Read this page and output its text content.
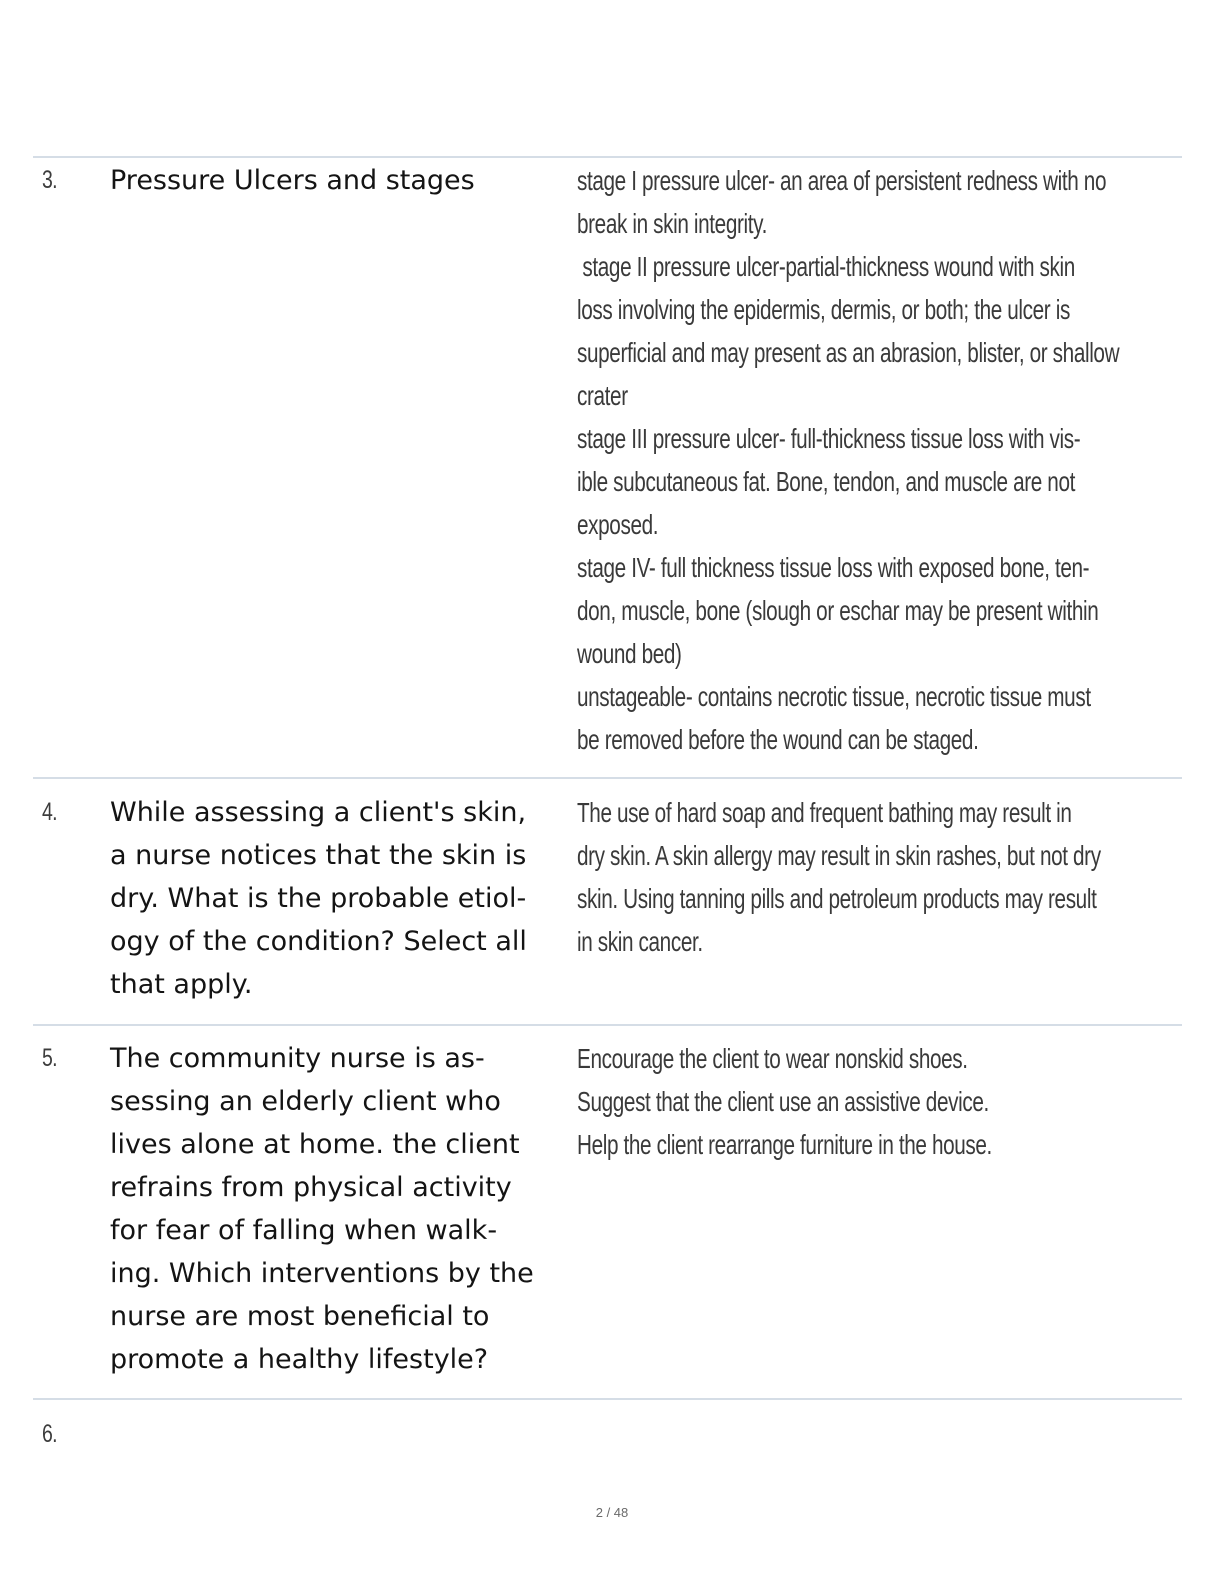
3. Pressure Ulcers and stages	stage I pressure ulcer- an area of persistent redness with no
break in skin integrity.
stage II pressure ulcer-partial-thickness wound with skin
loss involving the epidermis, dermis, or both; the ulcer is
superficial and may present as an abrasion, blister, or shallow
crater
stage III pressure ulcer- full-thickness tissue loss with vis-
ible subcutaneous fat. Bone, tendon, and muscle are not
exposed.
stage IV- full thickness tissue loss with exposed bone, ten-
don, muscle, bone (slough or eschar may be present within
wound bed)
unstageable- contains necrotic tissue, necrotic tissue must
be removed before the wound can be staged.
4. While assessing a client's skin,
a nurse notices that the skin is
dry. What is the probable etiol-
ogy of the condition? Select all
that apply.
The use of hard soap and frequent bathing may result in
dry skin. A skin allergy may result in skin rashes, but not dry
skin. Using tanning pills and petroleum products may result
in skin cancer.
5. The community nurse is as-
sessing an elderly client who
lives alone at home. the client
refrains from physical activity
for fear of falling when walk-
ing. Which interventions by the
nurse are most beneficial to
promote a healthy lifestyle?
Encourage the client to wear nonskid shoes.
Suggest that the client use an assistive device.
Help the client rearrange furniture in the house.
6.
2 / 48
